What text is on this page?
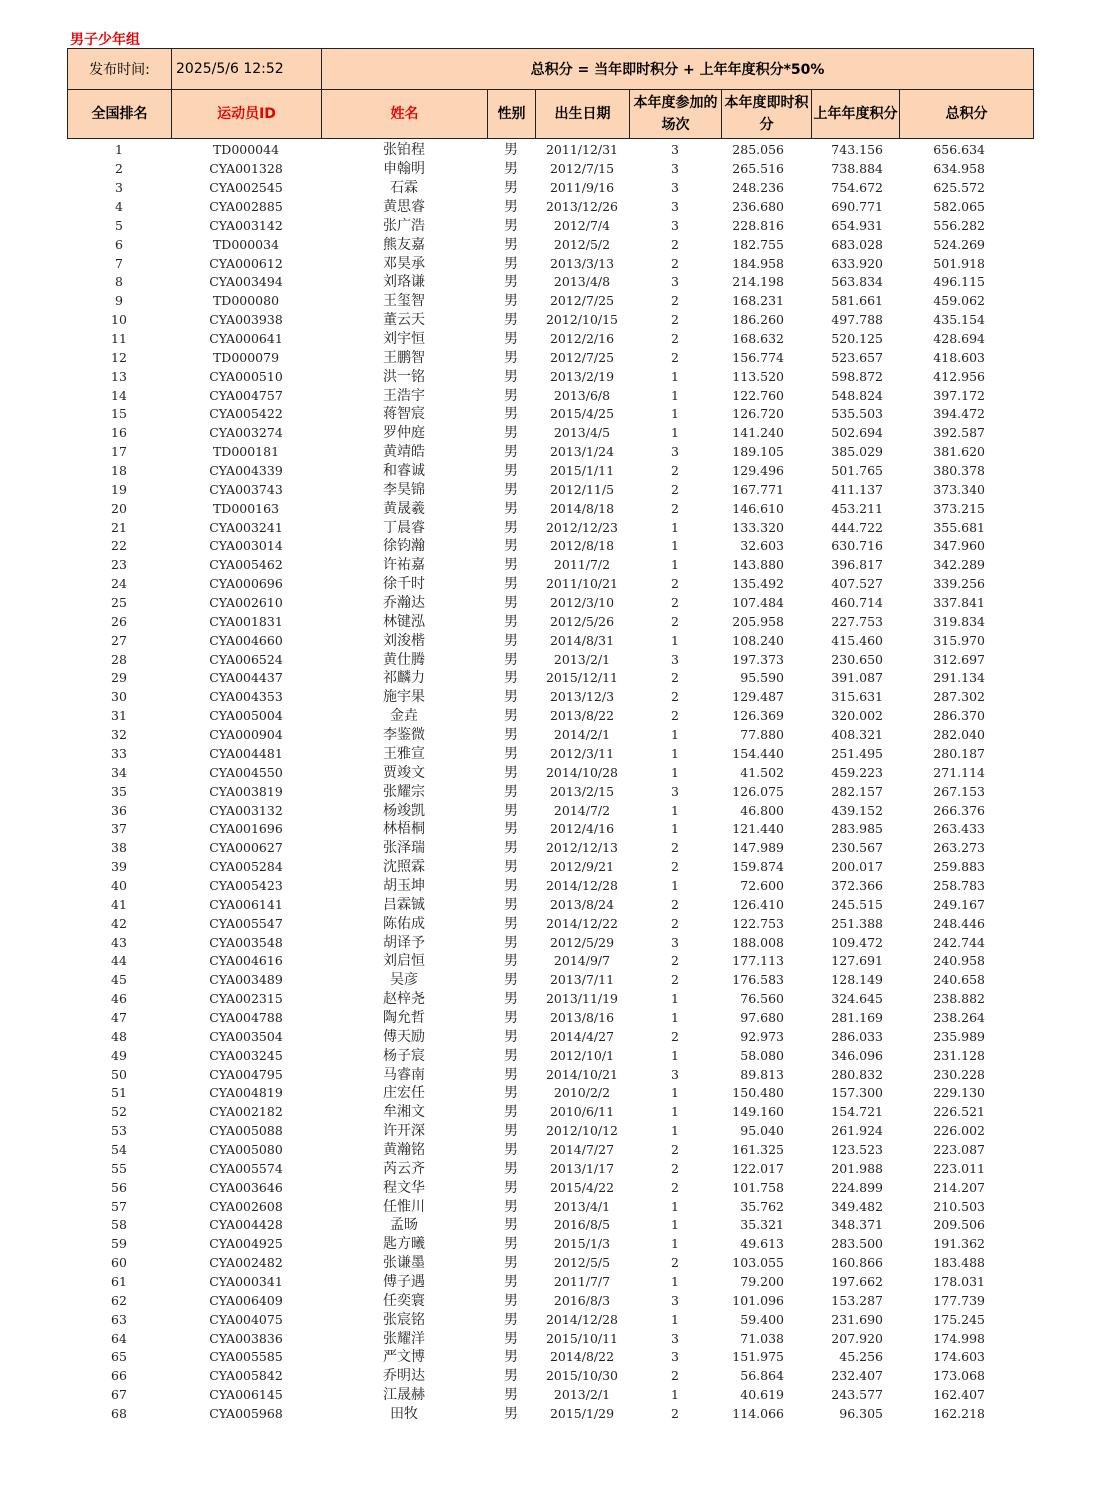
男子少年组
发布时间:	2025/5/6 12:52	总积分 = 当年即时积分 + 上年年度积分*50%						
全国排名	运动员ID	姓名	性别	出生日期	本年度参加的场次	本年度即时积分	上年年度积分	总积分
1	TD000044	张铂程	男	2011/12/31	3	285.056	743.156	656.634
2	CYA001328	申翰明	男	2012/7/15	3	265.516	738.884	634.958
3	CYA002545	石霖	男	2011/9/16	3	248.236	754.672	625.572
4	CYA002885	黄思睿	男	2013/12/26	3	236.680	690.771	582.065
5	CYA003142	张广浩	男	2012/7/4	3	228.816	654.931	556.282
6	TD000034	熊友嘉	男	2012/5/2	2	182.755	683.028	524.269
7	CYA000612	邓昊承	男	2013/3/13	2	184.958	633.920	501.918
8	CYA003494	刘珞谦	男	2013/4/8	3	214.198	563.834	496.115
9	TD000080	王玺智	男	2012/7/25	2	168.231	581.661	459.062
10	CYA003938	董云天	男	2012/10/15	2	186.260	497.788	435.154
11	CYA000641	刘宇恒	男	2012/2/16	2	168.632	520.125	428.694
12	TD000079	王鹏智	男	2012/7/25	2	156.774	523.657	418.603
13	CYA000510	洪一铭	男	2013/2/19	1	113.520	598.872	412.956
14	CYA004757	王浩宇	男	2013/6/8	1	122.760	548.824	397.172
15	CYA005422	蒋智宸	男	2015/4/25	1	126.720	535.503	394.472
16	CYA003274	罗仲庭	男	2013/4/5	1	141.240	502.694	392.587
17	TD000181	黄靖皓	男	2013/1/24	3	189.105	385.029	381.620
18	CYA004339	和睿诚	男	2015/1/11	2	129.496	501.765	380.378
19	CYA003743	李昊锦	男	2012/11/5	2	167.771	411.137	373.340
20	TD000163	黄晟羲	男	2014/8/18	2	146.610	453.211	373.215
21	CYA003241	丁晨睿	男	2012/12/23	1	133.320	444.722	355.681
22	CYA003014	徐钧瀚	男	2012/8/18	1	32.603	630.716	347.960
23	CYA005462	许祐嘉	男	2011/7/2	1	143.880	396.817	342.289
24	CYA000696	徐千时	男	2011/10/21	2	135.492	407.527	339.256
25	CYA002610	乔瀚达	男	2012/3/10	2	107.484	460.714	337.841
26	CYA001831	林键泓	男	2012/5/26	2	205.958	227.753	319.834
27	CYA004660	刘浚楷	男	2014/8/31	1	108.240	415.460	315.970
28	CYA006524	黄仕腾	男	2013/2/1	3	197.373	230.650	312.697
29	CYA004437	祁麟力	男	2015/12/11	2	95.590	391.087	291.134
30	CYA004353	施宇果	男	2013/12/3	2	129.487	315.631	287.302
31	CYA005004	金垚	男	2013/8/22	2	126.369	320.002	286.370
32	CYA000904	李鉴微	男	2014/2/1	1	77.880	408.321	282.040
33	CYA004481	王雅宣	男	2012/3/11	1	154.440	251.495	280.187
34	CYA004550	贾竣文	男	2014/10/28	1	41.502	459.223	271.114
35	CYA003819	张耀宗	男	2013/2/15	3	126.075	282.157	267.153
36	CYA003132	杨竣凯	男	2014/7/2	1	46.800	439.152	266.376
37	CYA001696	林梧桐	男	2012/4/16	1	121.440	283.985	263.433
38	CYA000627	张泽瑞	男	2012/12/13	2	147.989	230.567	263.273
39	CYA005284	沈照霖	男	2012/9/21	2	159.874	200.017	259.883
40	CYA005423	胡玉坤	男	2014/12/28	1	72.600	372.366	258.783
41	CYA006141	吕霖铖	男	2013/8/24	2	126.410	245.515	249.167
42	CYA005547	陈佑成	男	2014/12/22	2	122.753	251.388	248.446
43	CYA003548	胡译予	男	2012/5/29	3	188.008	109.472	242.744
44	CYA004616	刘启恒	男	2014/9/7	2	177.113	127.691	240.958
45	CYA003489	吴彦	男	2013/7/11	2	176.583	128.149	240.658
46	CYA002315	赵梓尧	男	2013/11/19	1	76.560	324.645	238.882
47	CYA004788	陶允哲	男	2013/8/16	1	97.680	281.169	238.264
48	CYA003504	傅天励	男	2014/4/27	2	92.973	286.033	235.989
49	CYA003245	杨子宸	男	2012/10/1	1	58.080	346.096	231.128
50	CYA004795	马睿南	男	2014/10/21	3	89.813	280.832	230.228
51	CYA004819	庄宏任	男	2010/2/2	1	150.480	157.300	229.130
52	CYA002182	牟湘文	男	2010/6/11	1	149.160	154.721	226.521
53	CYA005088	许开深	男	2012/10/12	1	95.040	261.924	226.002
54	CYA005080	黄瀚铭	男	2014/7/27	2	161.325	123.523	223.087
55	CYA005574	芮云齐	男	2013/1/17	2	122.017	201.988	223.011
56	CYA003646	程文华	男	2015/4/22	2	101.758	224.899	214.207
57	CYA002608	任惟川	男	2013/4/1	1	35.762	349.482	210.503
58	CYA004428	孟旸	男	2016/8/5	1	35.321	348.371	209.506
59	CYA004925	匙方曦	男	2015/1/3	1	49.613	283.500	191.362
60	CYA002482	张谦墨	男	2012/5/5	2	103.055	160.866	183.488
61	CYA000341	傅子遇	男	2011/7/7	1	79.200	197.662	178.031
62	CYA006409	任奕寰	男	2016/8/3	3	101.096	153.287	177.739
63	CYA004075	张宸铭	男	2014/12/28	1	59.400	231.690	175.245
64	CYA003836	张耀洋	男	2015/10/11	3	71.038	207.920	174.998
65	CYA005585	严文博	男	2014/8/22	3	151.975	45.256	174.603
66	CYA005842	乔明达	男	2015/10/30	2	56.864	232.407	173.068
67	CYA006145	江晟赫	男	2013/2/1	1	40.619	243.577	162.407
68	CYA005968	田牧	男	2015/1/29	2	114.066	96.305	162.218
